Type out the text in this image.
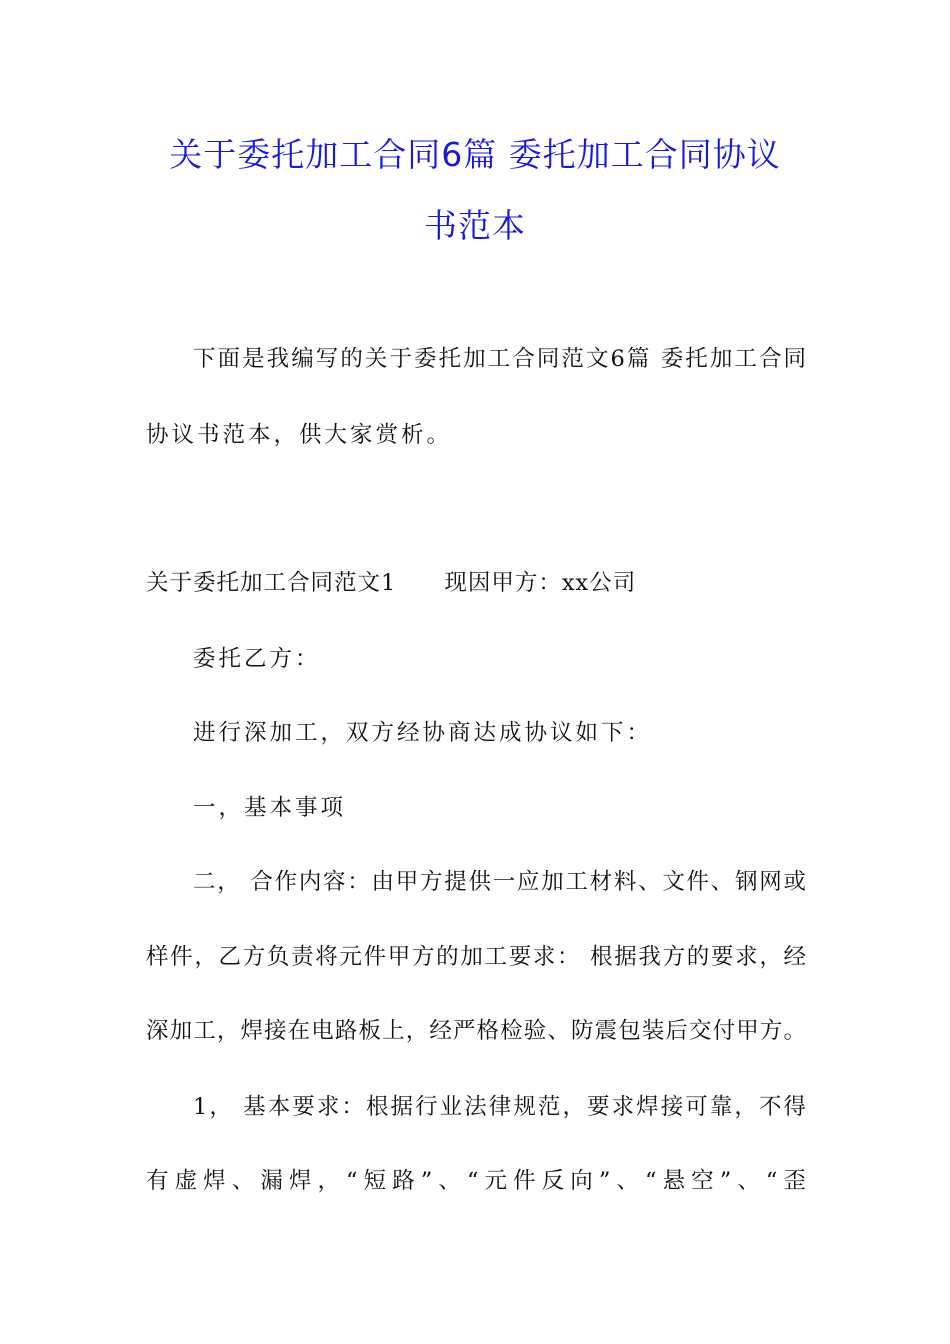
关于委托加工合同6篇 委托加工合同协议
书范本
下面是我编写的关于委托加工合同范文6篇 委托加工合同
协议书范本，供大家赏析。
关于委托加工合同范文1 现因甲方：xx公司
委托乙方：
进行深加工，双方经协商达成协议如下：
一，基本事项
二， 合作内容：由甲方提供一应加工材料、文件、钢网或
样件，乙方负责将元件甲方的加工要求： 根据我方的要求，经
深加工，焊接在电路板上，经严格检验、防震包装后交付甲方。
1， 基本要求：根据行业法律规范，要求焊接可靠，不得
有虚焊、漏焊，“短路”、“元件反向”、“悬空”、“歪
